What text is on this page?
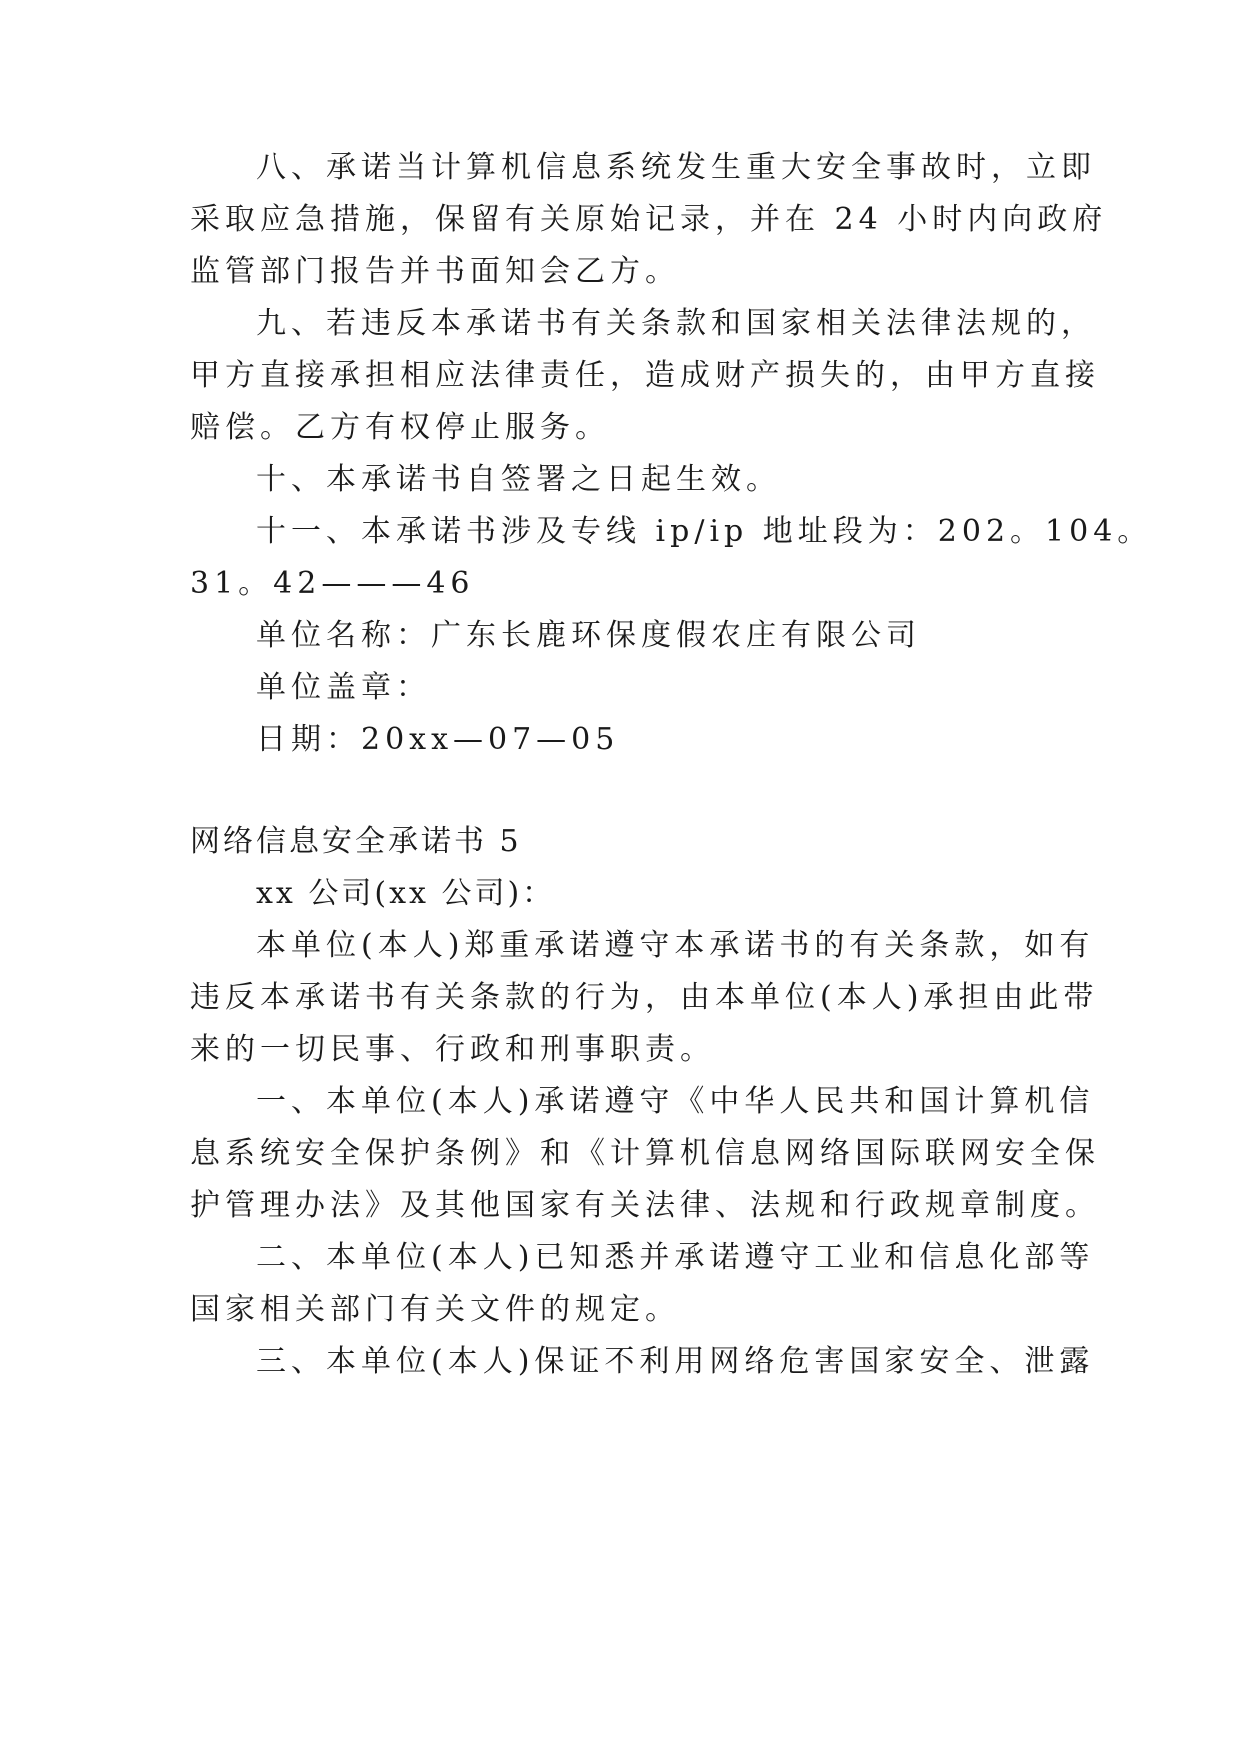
八、承诺当计算机信息系统发生重大安全事故时，立即
采取应急措施，保留有关原始记录，并在 24 小时内向政府
监管部门报告并书面知会乙方。
九、若违反本承诺书有关条款和国家相关法律法规的，
甲方直接承担相应法律责任，造成财产损失的，由甲方直接
赔偿。乙方有权停止服务。
十、本承诺书自签署之日起生效。
十一、本承诺书涉及专线 ip/ip 地址段为：202。104。
31。42———46
单位名称：广东长鹿环保度假农庄有限公司
单位盖章：
日期：20xx—07—05
网络信息安全承诺书 5
xx 公司(xx 公司)：
本单位(本人)郑重承诺遵守本承诺书的有关条款，如有
违反本承诺书有关条款的行为，由本单位(本人)承担由此带
来的一切民事、行政和刑事职责。
一、本单位(本人)承诺遵守《中华人民共和国计算机信
息系统安全保护条例》和《计算机信息网络国际联网安全保
护管理办法》及其他国家有关法律、法规和行政规章制度。
二、本单位(本人)已知悉并承诺遵守工业和信息化部等
国家相关部门有关文件的规定。
三、本单位(本人)保证不利用网络危害国家安全、泄露
